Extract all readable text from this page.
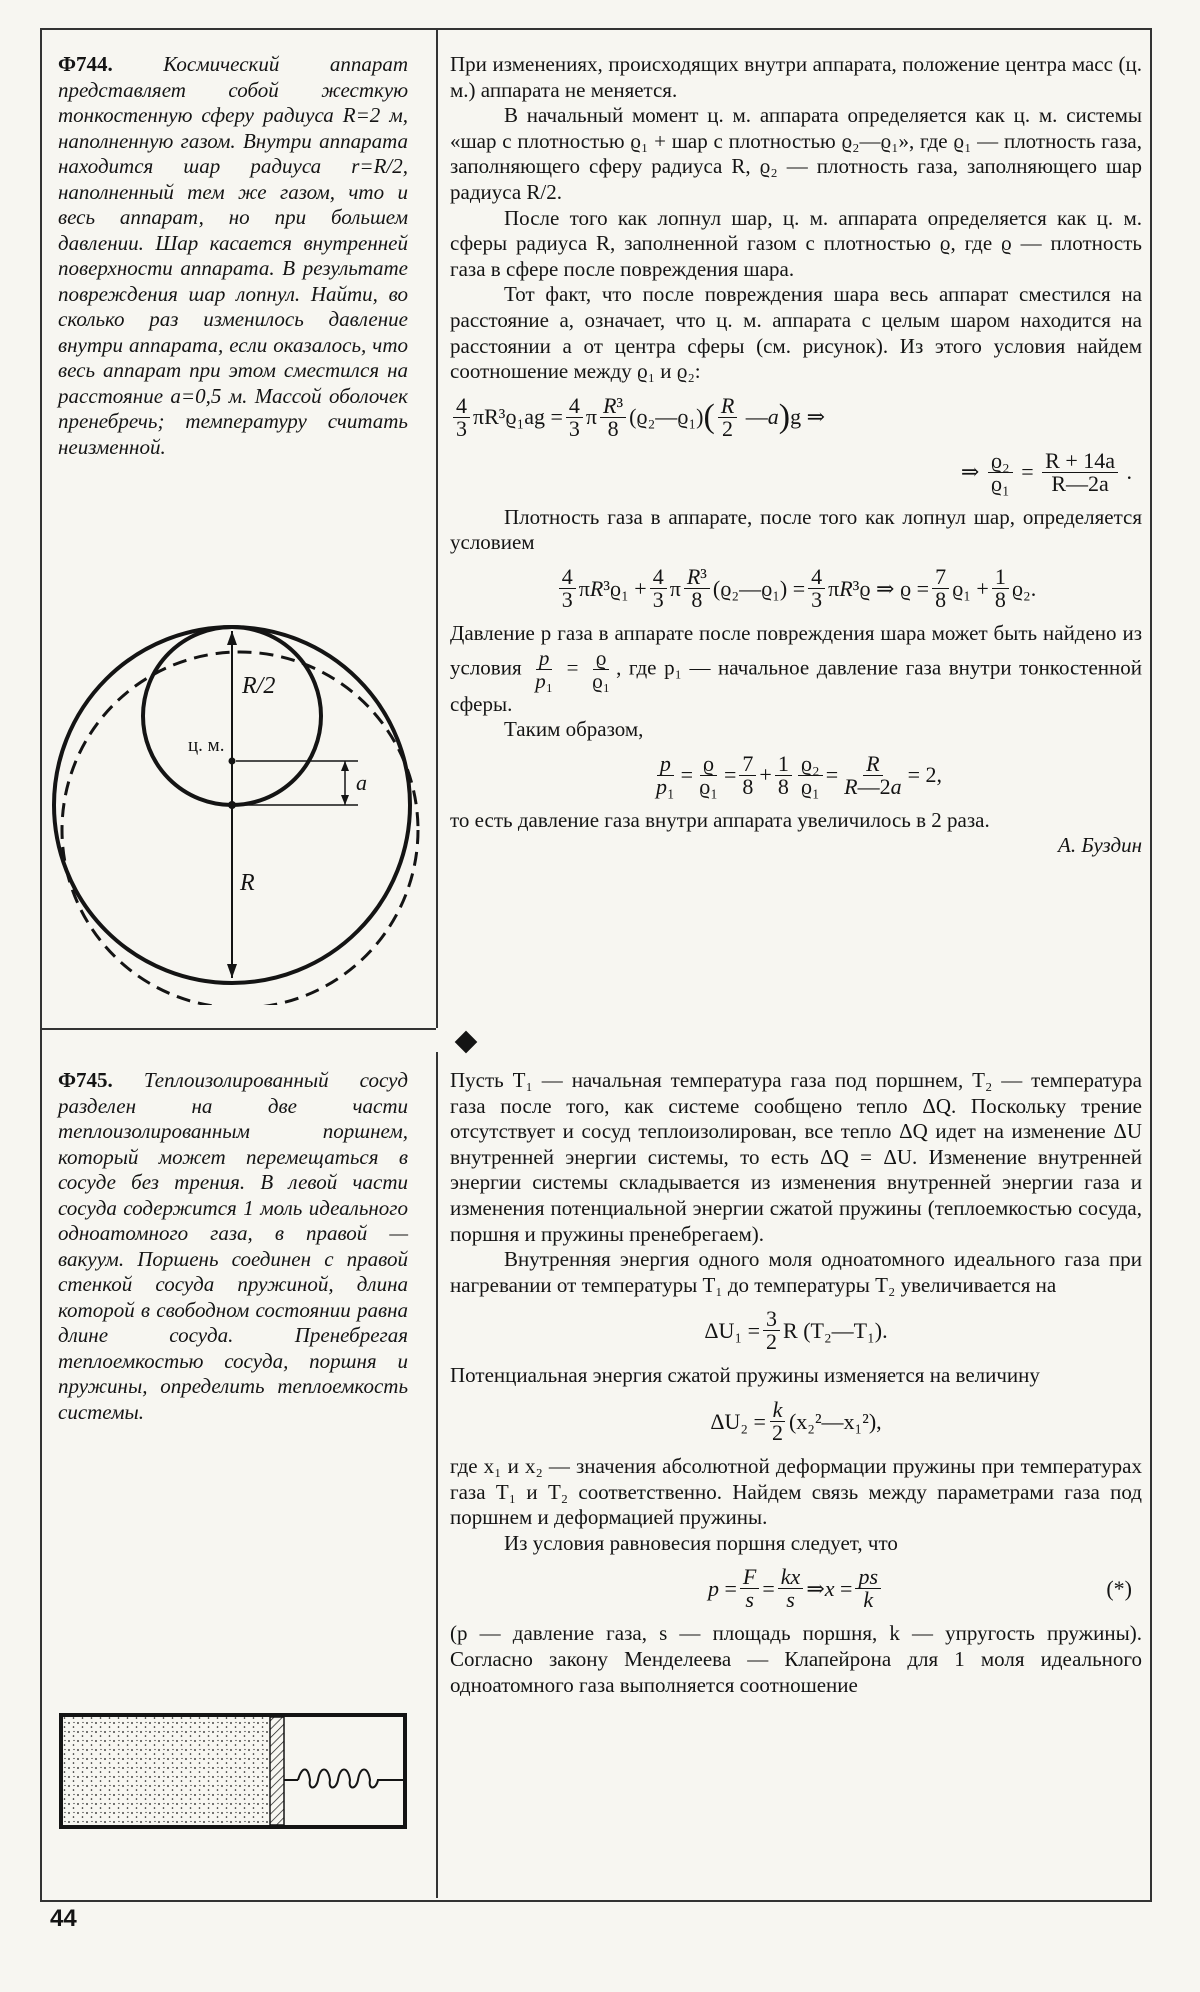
Ф744. Космический аппарат представляет собой жесткую тонкостенную сферу радиуса R=2 м, наполненную газом. Внутри аппарата находится шар радиуса r=R/2, наполненный тем же газом, что и весь аппарат, но при большем давлении. Шар касается внутренней поверхности аппарата. В результате повреждения шар лопнул. Найти, во сколько раз изменилось давление внутри аппарата, если оказалось, что весь аппарат при этом сместился на расстояние a=0,5 м. Массой оболочек пренебречь; температуру считать неизменной.
R/2
ц. м.
a
R

При изменениях, происходящих внутри аппарата, положение центра масс (ц. м.) аппарата не меняется.

В начальный момент ц. м. аппарата определяется как ц. м. системы «шар с плотностью ϱ₁ + шар с плотностью ϱ₂—ϱ₁», где ϱ₁ — плотность газа, заполняющего сферу радиуса R, ϱ₂ — плотность газа, заполняющего шар радиуса R/2.

После того как лопнул шар, ц. м. аппарата определяется как ц. м. сферы радиуса R, заполненной газом с плотностью ϱ, где ϱ — плотность газа в сфере после повреждения шара.

Тот факт, что после повреждения шара весь аппарат сместился на расстояние a, означает, что ц. м. аппарата с целым шаром находится на расстоянии a от центра сферы (см. рисунок). Из этого условия найдем соотношение между ϱ₁ и ϱ₂:

$\frac{4}{3} \pi R^3ϱ_1ag = \frac{4}{3}$ π $\frac{\text{R³}}{8}$ (ϱ₂—ϱ₁) ( $\frac{R}{2}$ — a ) g ⇒
⇒
$\frac{\text{ϱ₂}}{\text{ϱ₁}} = \frac{R + 14a}{R—2a}$ .

Плотность газа в аппарате, после того как лопнул шар, определяется условием

$\frac{4}{3}$ π R $^3ϱ_1 + \frac{4}{3}$ π $\frac{\text{R³}}{8}$ (ϱ₂—ϱ₁) = $\frac{4}{3}$ π R ³ϱ ⇒ $ϱ = \frac{7}{8} ϱ_1 + \frac{1}{8} ϱ_2$.

Давление p газа в аппарате после повреждения шара может быть найдено из условия $\frac{p}{\text{p₁}} = \frac{ϱ}{\text{ϱ₁}}$ , где p₁ — начальное давление газа внутри тонкостенной сферы.

Таким образом,

$\frac{p}{\text{p₁}} = \frac{ϱ}{\text{ϱ₁}} = \frac{7}{8} + \frac{1}{8} \frac{\text{ϱ₂}}{\text{ϱ₁}} = \frac{R}{R—2a} = 2$,

то есть давление газа внутри аппарата увеличилось в 2 раза.

А. Буздин

Ф745. Теплоизолированный сосуд разделен на две части теплоизолированным поршнем, который может перемещаться в сосуде без трения. В левой части сосуда содержится 1 моль идеального одноатомного газа, в правой — вакуум. Поршень соединен с правой стенкой сосуда пружиной, длина которой в свободном состоянии равна длине сосуда. Пренебрегая теплоемкостью сосуда, поршня и пружины, определить теплоемкость системы.

Пусть T₁ — начальная температура газа под поршнем, T₂ — температура газа после того, как системе сообщено тепло ΔQ. Поскольку трение отсутствует и сосуд теплоизолирован, все тепло ΔQ идет на изменение ΔU внутренней энергии системы, то есть ΔQ = ΔU. Изменение внутренней энергии системы складывается из изменения внутренней энергии газа и изменения потенциальной энергии сжатой пружины (теплоемкостью сосуда, поршня и пружины пренебрегаем).

Внутренняя энергия одного моля одноатомного идеального газа при нагревании от температуры T₁ до температуры T₂ увеличивается на

$\Delta U_1 = \frac{3}{2}$ R (T₂—T₁).

Потенциальная энергия сжатой пружины изменяется на величину

$\Delta U_2 = \frac{k}{2}$ (x₂²—x₁²),

где x₁ и x₂ — значения абсолютной деформации пружины при температурах газа T₁ и T₂ соответственно. Найдем связь между параметрами газа под поршнем и деформацией пружины.

Из условия равновесия поршня следует, что

$p = \frac{F}{s} = \frac{kx}{s}$ ⇒ $x = \frac{ps}{k}$	(*)

(p — давление газа, s — площадь поршня, k — упругость пружины). Согласно закону Менделеева — Клапейрона для 1 моля идеального одноатомного газа выполняется соотношение

44
